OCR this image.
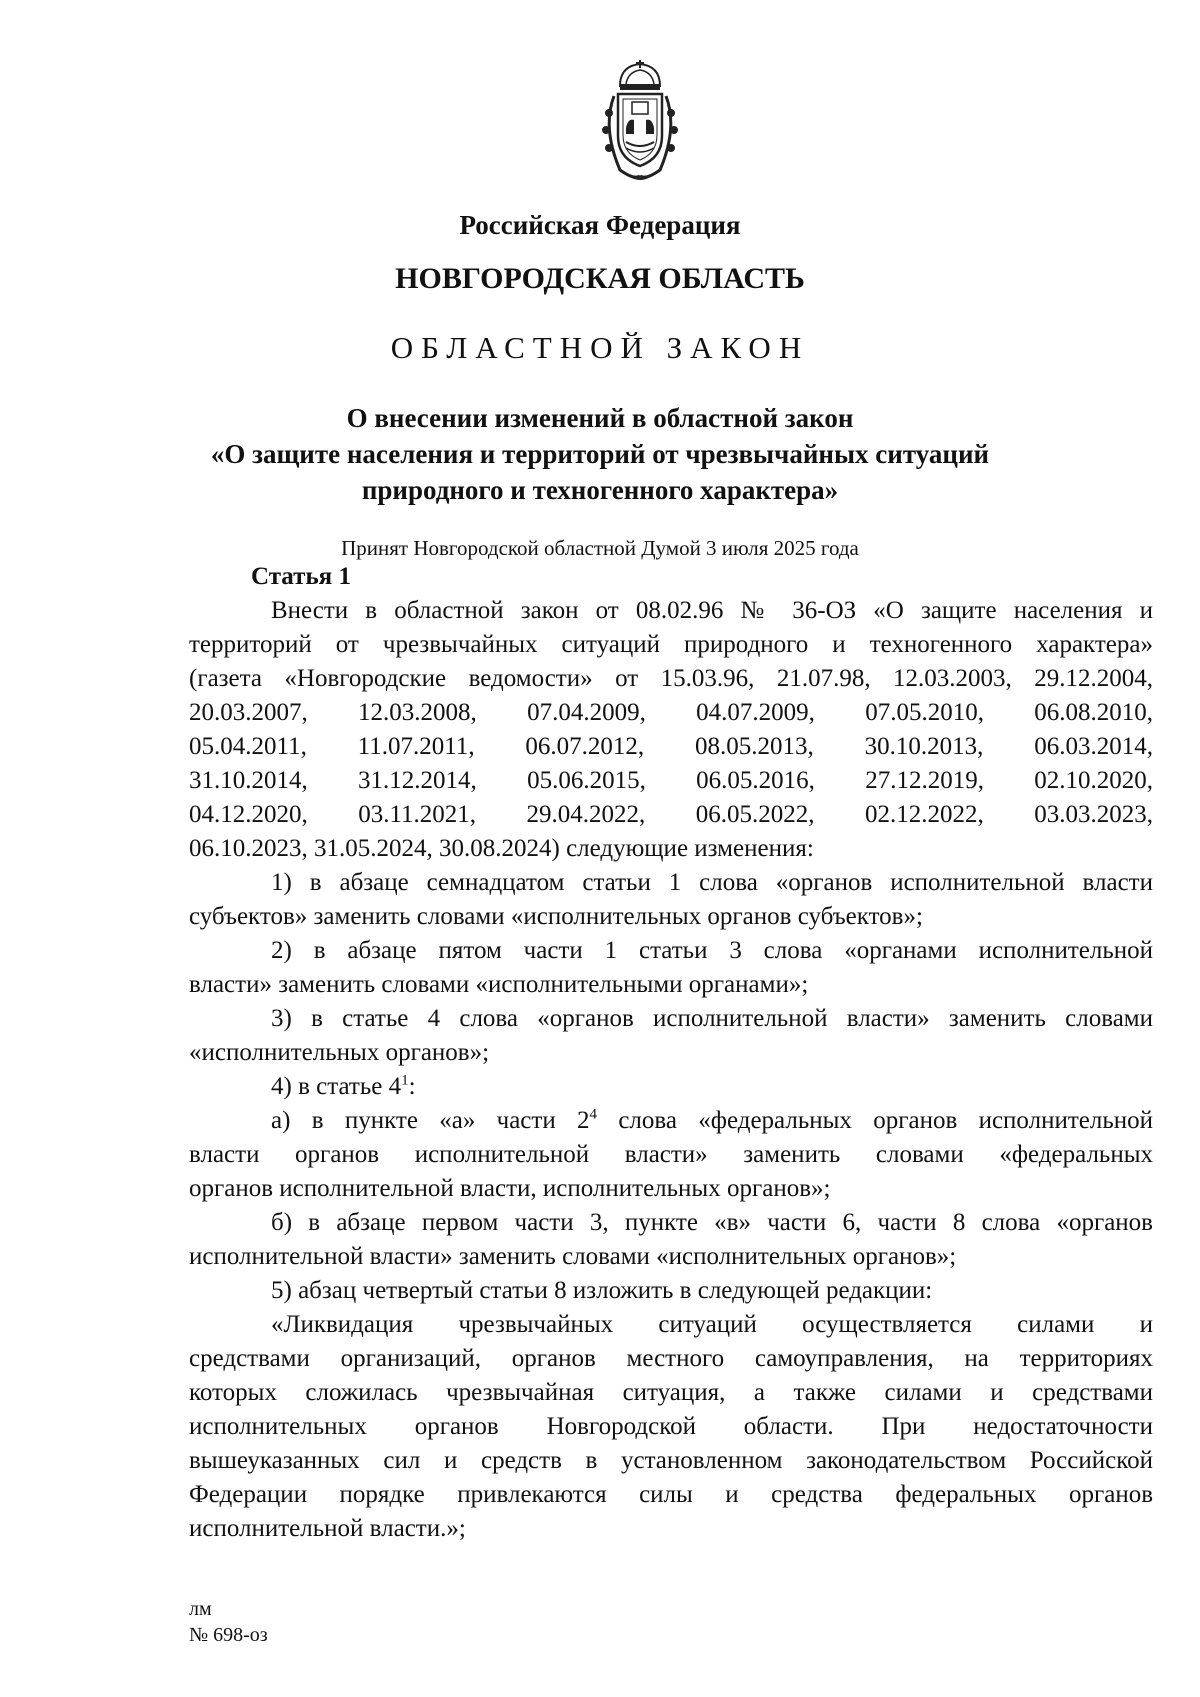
Российская Федерация
НОВГОРОДСКАЯ ОБЛАСТЬ
ОБЛАСТНОЙ ЗАКОН
О внесении изменений в областной закон
«О защите населения и территорий от чрезвычайных ситуаций
природного и техногенного характера»
Принят Новгородской областной Думой 3 июля 2025 года
Статья 1
Внести в областной закон от 08.02.96 № 36-ОЗ «О защите населения и
территорий от чрезвычайных ситуаций природного и техногенного характера»
(газета «Новгородские ведомости» от 15.03.96, 21.07.98, 12.03.2003, 29.12.2004,
20.03.2007, 12.03.2008, 07.04.2009, 04.07.2009, 07.05.2010, 06.08.2010,
05.04.2011, 11.07.2011, 06.07.2012, 08.05.2013, 30.10.2013, 06.03.2014,
31.10.2014, 31.12.2014, 05.06.2015, 06.05.2016, 27.12.2019, 02.10.2020,
04.12.2020, 03.11.2021, 29.04.2022, 06.05.2022, 02.12.2022, 03.03.2023,
06.10.2023, 31.05.2024, 30.08.2024) следующие изменения:
1) в абзаце семнадцатом статьи 1 слова «органов исполнительной власти
субъектов» заменить словами «исполнительных органов субъектов»;
2) в абзаце пятом части 1 статьи 3 слова «органами исполнительной
власти» заменить словами «исполнительными органами»;
3) в статье 4 слова «органов исполнительной власти» заменить словами
«исполнительных органов»;
4) в статье $4^1$:
а) в пункте «а» части $2^4$ слова «федеральных органов исполнительной
власти органов исполнительной власти» заменить словами «федеральных
органов исполнительной власти, исполнительных органов»;
б) в абзаце первом части 3, пункте «в» части 6, части 8 слова «органов
исполнительной власти» заменить словами «исполнительных органов»;
5) абзац четвертый статьи 8 изложить в следующей редакции:
«Ликвидация чрезвычайных ситуаций осуществляется силами и
средствами организаций, органов местного самоуправления, на территориях
которых сложилась чрезвычайная ситуация, а также силами и средствами
исполнительных органов Новгородской области. При недостаточности
вышеуказанных сил и средств в установленном законодательством Российской
Федерации порядке привлекаются силы и средства федеральных органов
исполнительной власти.»;
лм
№ 698-оз
